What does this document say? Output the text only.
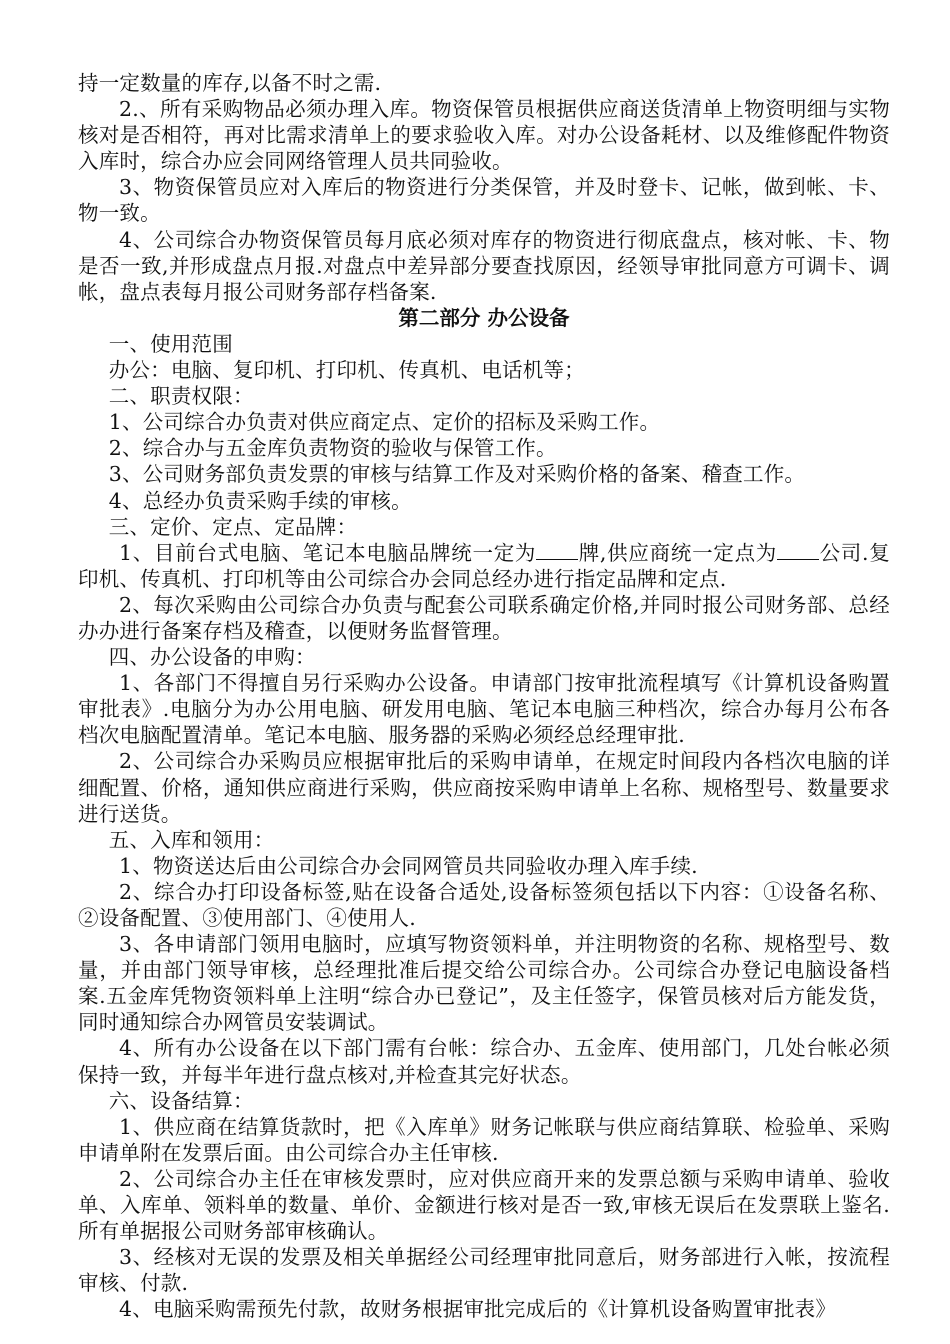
持一定数量的库存,以备不时之需.

2.、所有采购物品必须办理入库。物资保管员根据供应商送货清单上物资明细与实物核对是否相符，再对比需求清单上的要求验收入库。对办公设备耗材、以及维修配件物资入库时，综合办应会同网络管理人员共同验收。

3、物资保管员应对入库后的物资进行分类保管，并及时登卡、记帐，做到帐、卡、物一致。

4、公司综合办物资保管员每月底必须对库存的物资进行彻底盘点，核对帐、卡、物是否一致,并形成盘点月报.对盘点中差异部分要查找原因，经领导审批同意方可调卡、调帐，盘点表每月报公司财务部存档备案.

第二部分 办公设备

一、使用范围

办公：电脑、复印机、打印机、传真机、电话机等；

二、职责权限：

1、公司综合办负责对供应商定点、定价的招标及采购工作。

2、综合办与五金库负责物资的验收与保管工作。

3、公司财务部负责发票的审核与结算工作及对采购价格的备案、稽查工作。

4、总经办负责采购手续的审核。

三、定价、定点、定品牌：

1、目前台式电脑、笔记本电脑品牌统一定为 牌,供应商统一定点为 公司.复印机、传真机、打印机等由公司综合办会同总经办进行指定品牌和定点.

2、每次采购由公司综合办负责与配套公司联系确定价格,并同时报公司财务部、总经办办进行备案存档及稽查，以便财务监督管理。

四、办公设备的申购：

1、各部门不得擅自另行采购办公设备。申请部门按审批流程填写《计算机设备购置审批表》.电脑分为办公用电脑、研发用电脑、笔记本电脑三种档次，综合办每月公布各档次电脑配置清单。笔记本电脑、服务器的采购必须经总经理审批.

2、公司综合办采购员应根据审批后的采购申请单，在规定时间段内各档次电脑的详细配置、价格，通知供应商进行采购，供应商按采购申请单上名称、规格型号、数量要求进行送货。

五、入库和领用：

1、物资送达后由公司综合办会同网管员共同验收办理入库手续.

2、综合办打印设备标签,贴在设备合适处,设备标签须包括以下内容：①设备名称、②设备配置、③使用部门、④使用人.

3、各申请部门领用电脑时，应填写物资领料单，并注明物资的名称、规格型号、数量，并由部门领导审核，总经理批准后提交给公司综合办。公司综合办登记电脑设备档案.五金库凭物资领料单上注明“综合办已登记”，及主任签字，保管员核对后方能发货，同时通知综合办网管员安装调试。

4、所有办公设备在以下部门需有台帐：综合办、五金库、使用部门，几处台帐必须保持一致，并每半年进行盘点核对,并检查其完好状态。

六、设备结算：

1、供应商在结算货款时，把《入库单》财务记帐联与供应商结算联、检验单、采购申请单附在发票后面。由公司综合办主任审核.

2、公司综合办主任在审核发票时，应对供应商开来的发票总额与采购申请单、验收单、入库单、领料单的数量、单价、金额进行核对是否一致,审核无误后在发票联上鉴名.所有单据报公司财务部审核确认。

3、经核对无误的发票及相关单据经公司经理审批同意后，财务部进行入帐，按流程审核、付款.

4、电脑采购需预先付款，故财务根据审批完成后的《计算机设备购置审批表》
